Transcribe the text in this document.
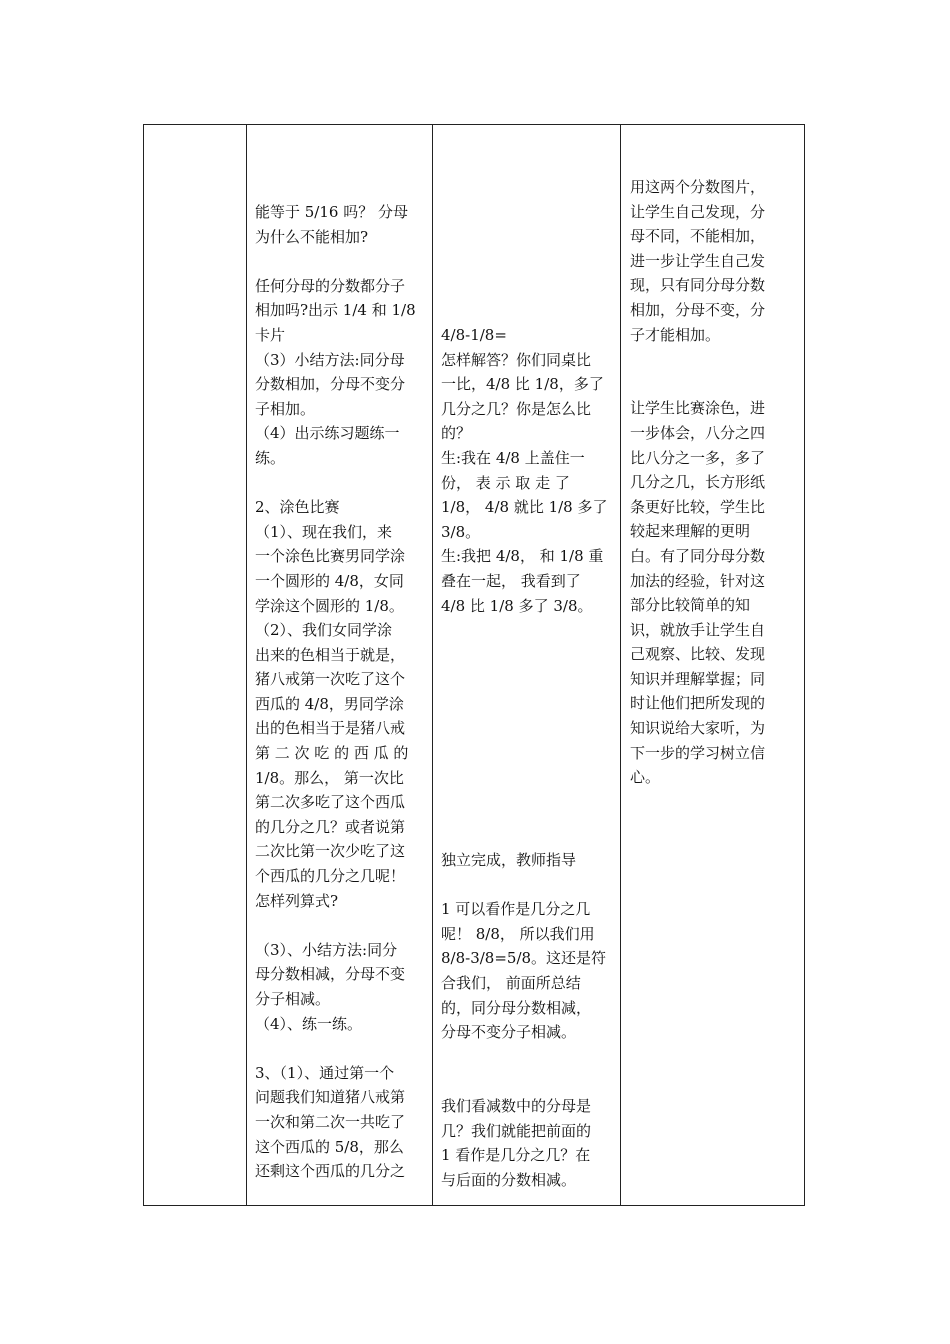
能等于 5/16 吗？ 分母

为什么不能相加?

任何分母的分数都分子

相加吗?出示 1/4 和 1/8

卡片

（3）小结方法:同分母

分数相加，分母不变分

子相加。

（4）出示练习题练一

练。

2、涂色比赛

（1）、现在我们，来

一个涂色比赛男同学涂

一个圆形的 4/8，女同

学涂这个圆形的 1/8。

（2）、我们女同学涂

出来的色相当于就是，

猪八戒第一次吃了这个

西瓜的 4/8，男同学涂

出的色相当于是猪八戒

第 二 次 吃 的 西 瓜 的

1/8。那么， 第一次比

第二次多吃了这个西瓜

的几分之几？或者说第

二次比第一次少吃了这

个西瓜的几分之几呢！

怎样列算式?

（3）、小结方法:同分

母分数相减，分母不变

分子相减。

（4）、练一练。

3、（1）、通过第一个

问题我们知道猪八戒第

一次和第二次一共吃了

这个西瓜的 5/8，那么

还剩这个西瓜的几分之

4/8-1/8=

怎样解答？你们同桌比

一比，4/8 比 1/8，多了

几分之几？你是怎么比

的？

生:我在 4/8 上盖住一

份， 表 示 取 走 了

1/8， 4/8 就比 1/8 多了

3/8。

生:我把 4/8， 和 1/8 重

叠在一起， 我看到了

4/8 比 1/8 多了 3/8。

独立完成，教师指导

1 可以看作是几分之几

呢！ 8/8， 所以我们用

8/8-3/8=5/8。这还是符

合我们， 前面所总结

的，同分母分数相减，

分母不变分子相减。

我们看减数中的分母是

几？我们就能把前面的

1 看作是几分之几？在

与后面的分数相减。

用这两个分数图片，

让学生自己发现，分

母不同，不能相加，

进一步让学生自己发

现，只有同分母分数

相加，分母不变，分

子才能相加。

让学生比赛涂色，进

一步体会，八分之四

比八分之一多，多了

几分之几，长方形纸

条更好比较，学生比

较起来理解的更明

白。有了同分母分数

加法的经验，针对这

部分比较简单的知

识，就放手让学生自

己观察、比较、发现

知识并理解掌握；同

时让他们把所发现的

知识说给大家听，为

下一步的学习树立信

心。
